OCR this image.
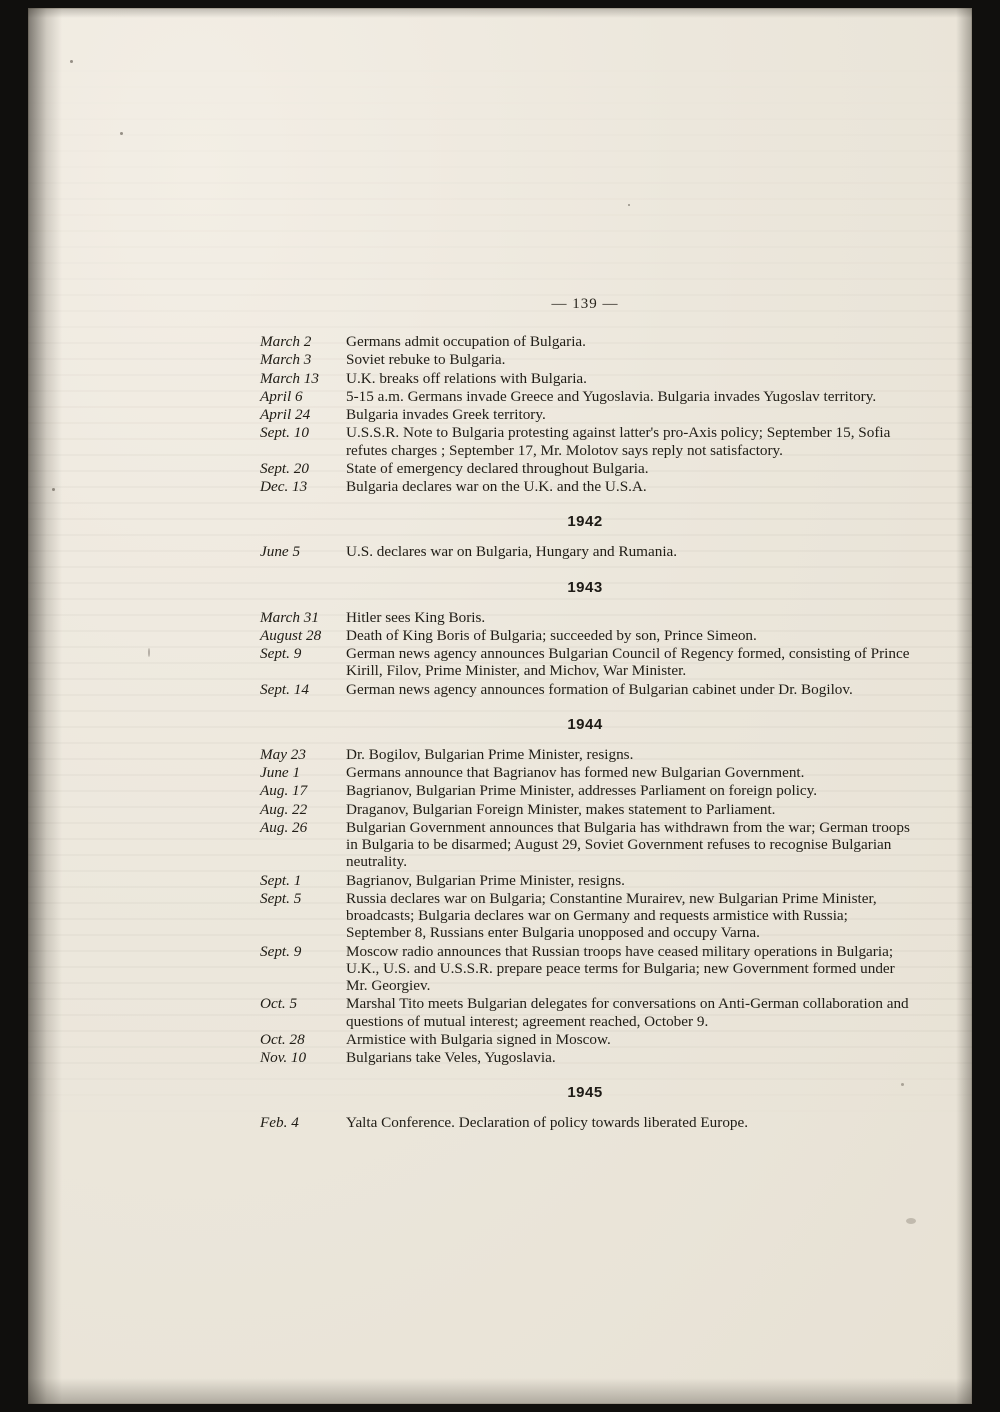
— 139 —
March 2	Germans admit occupation of Bulgaria.
March 3	Soviet rebuke to Bulgaria.
March 13	U.K. breaks off relations with Bulgaria.
April 6	5-15 a.m. Germans invade Greece and Yugoslavia. Bulgaria invades Yugoslav territory.
April 24	Bulgaria invades Greek territory.
Sept. 10	U.S.S.R. Note to Bulgaria protesting against latter's pro-Axis policy; September 15, Sofia refutes charges ; September 17, Mr. Molotov says reply not satisfactory.
Sept. 20	State of emergency declared throughout Bulgaria.
Dec. 13	Bulgaria declares war on the U.K. and the U.S.A.
1942
June 5	U.S. declares war on Bulgaria, Hungary and Rumania.
1943
March 31	Hitler sees King Boris.
August 28	Death of King Boris of Bulgaria; succeeded by son, Prince Simeon.
Sept. 9	German news agency announces Bulgarian Council of Regency formed, consisting of Prince Kirill, Filov, Prime Minister, and Michov, War Minister.
Sept. 14	German news agency announces formation of Bulgarian cabinet under Dr. Bogilov.
1944
May 23	Dr. Bogilov, Bulgarian Prime Minister, resigns.
June 1	Germans announce that Bagrianov has formed new Bulgarian Government.
Aug. 17	Bagrianov, Bulgarian Prime Minister, addresses Parliament on foreign policy.
Aug. 22	Draganov, Bulgarian Foreign Minister, makes statement to Parliament.
Aug. 26	Bulgarian Government announces that Bulgaria has withdrawn from the war; German troops in Bulgaria to be disarmed; August 29, Soviet Government refuses to recognise Bulgarian neutrality.
Sept. 1	Bagrianov, Bulgarian Prime Minister, resigns.
Sept. 5	Russia declares war on Bulgaria; Constantine Murairev, new Bulgarian Prime Minister, broadcasts; Bulgaria declares war on Germany and requests armistice with Russia; September 8, Russians enter Bulgaria unopposed and occupy Varna.
Sept. 9	Moscow radio announces that Russian troops have ceased military operations in Bulgaria; U.K., U.S. and U.S.S.R. prepare peace terms for Bulgaria; new Government formed under Mr. Georgiev.
Oct. 5	Marshal Tito meets Bulgarian delegates for conversations on Anti-German collaboration and questions of mutual interest; agreement reached, October 9.
Oct. 28	Armistice with Bulgaria signed in Moscow.
Nov. 10	Bulgarians take Veles, Yugoslavia.
1945
Feb. 4	Yalta Conference. Declaration of policy towards liberated Europe.
